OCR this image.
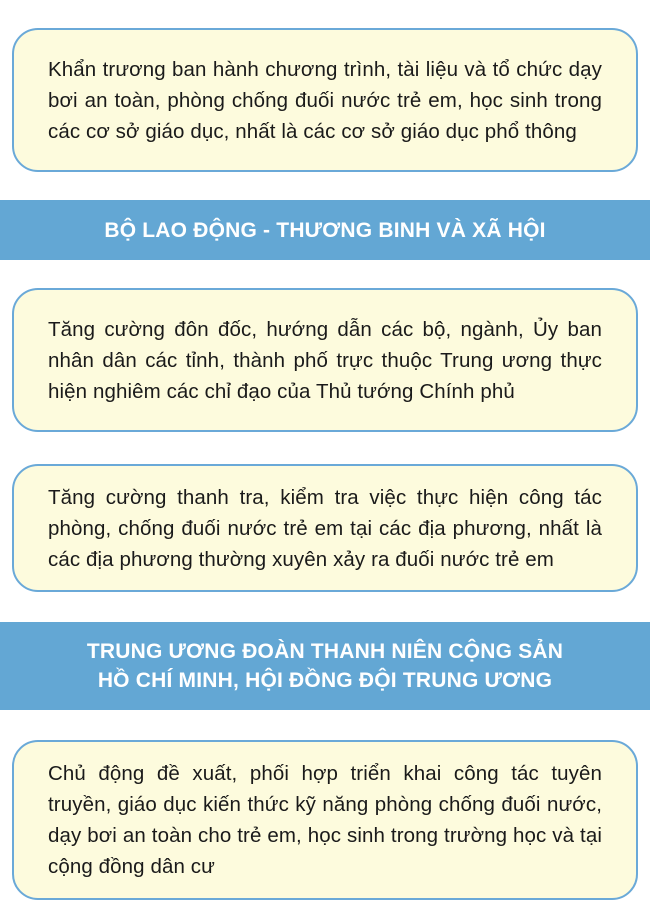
Khẩn trương ban hành chương trình, tài liệu và tổ chức dạy bơi an toàn, phòng chống đuối nước trẻ em, học sinh trong các cơ sở giáo dục, nhất là các cơ sở giáo dục phổ thông
BỘ LAO ĐỘNG - THƯƠNG BINH VÀ XÃ HỘI
Tăng cường đôn đốc, hướng dẫn các bộ, ngành, Ủy ban nhân dân các tỉnh, thành phố trực thuộc Trung ương thực hiện nghiêm các chỉ đạo của Thủ tướng Chính phủ
Tăng cường thanh tra, kiểm tra việc thực hiện công tác phòng, chống đuối nước trẻ em tại các địa phương, nhất là các địa phương thường xuyên xảy ra đuối nước trẻ em
TRUNG ƯƠNG ĐOÀN THANH NIÊN CỘNG SẢN
HỒ CHÍ MINH, HỘI ĐỒNG ĐỘI TRUNG ƯƠNG
Chủ động đề xuất, phối hợp triển khai công tác tuyên truyền, giáo dục kiến thức kỹ năng phòng chống đuối nước, dạy bơi an toàn cho trẻ em, học sinh trong trường học và tại cộng đồng dân cư
